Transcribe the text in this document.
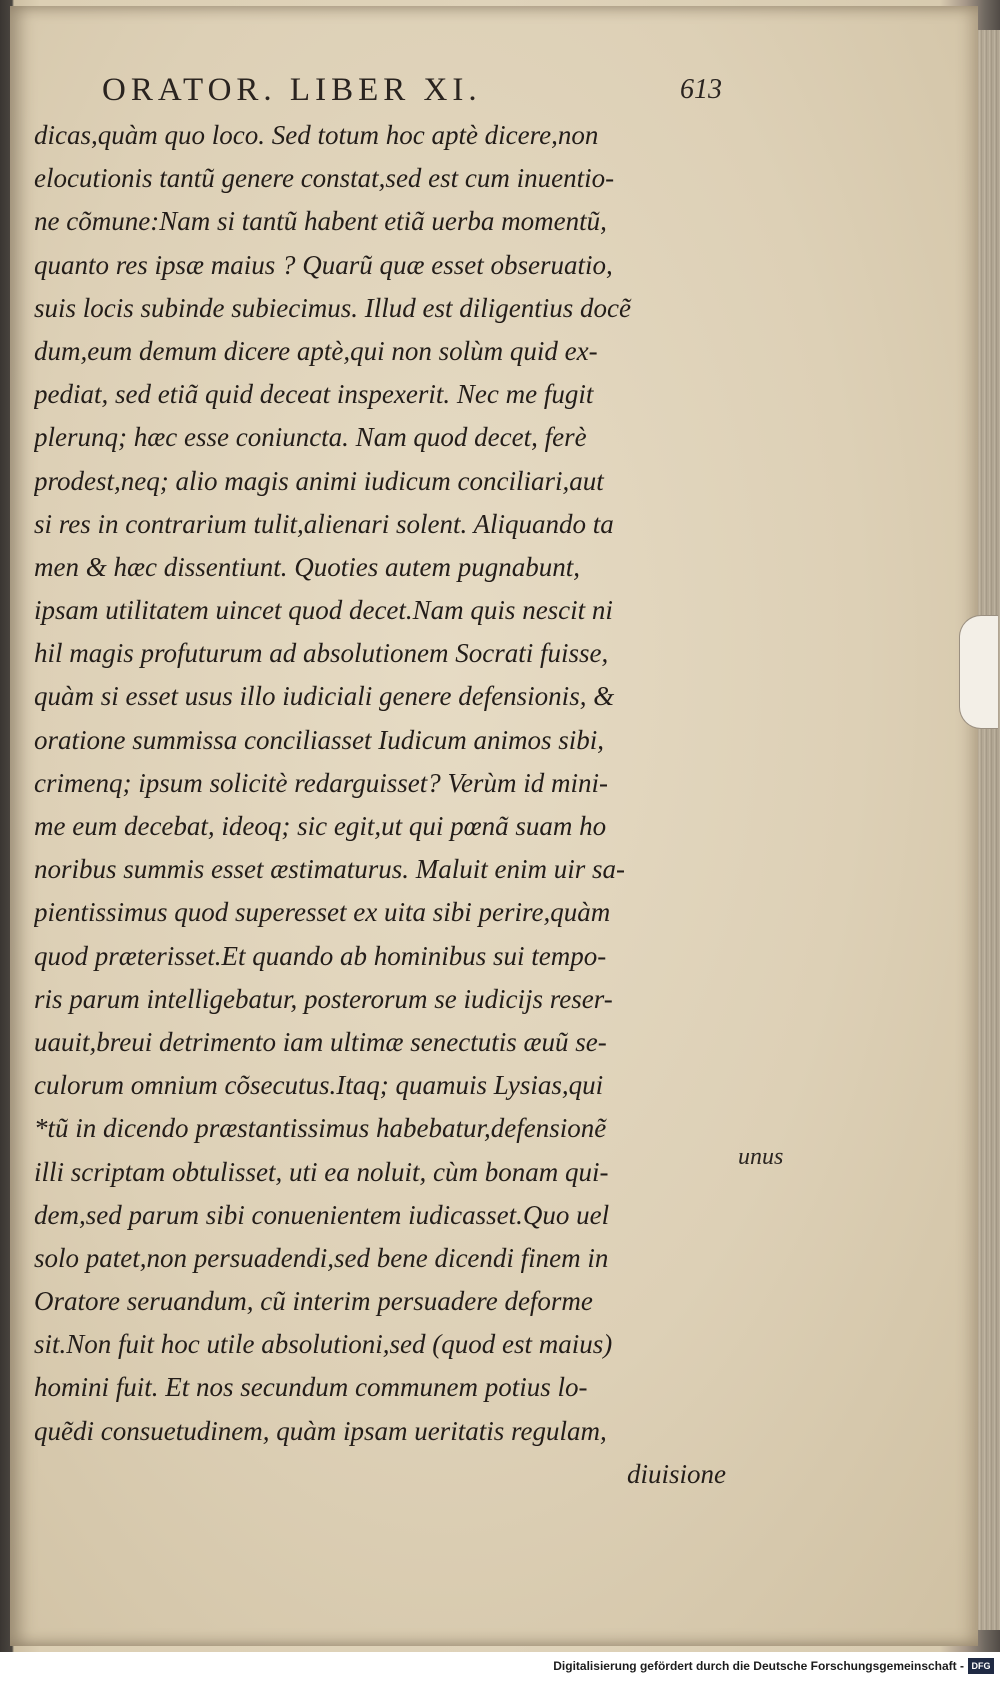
ORATOR. LIBER XI.	613
dicas,quàm quo loco. Sed totum hoc aptè dicere,non
elocutionis tantũ genere constat,sed est cum inuentio-
ne cõmune:Nam si tantũ habent etiã uerba momentũ,
quanto res ipsæ maius ? Quarũ quæ esset obseruatio,
suis locis subinde subiecimus. Illud est diligentius docẽ
dum,eum demum dicere aptè,qui non solùm quid ex-
pediat, sed etiã quid deceat inspexerit. Nec me fugit
plerunq; hæc esse coniuncta. Nam quod decet, ferè
prodest,neq; alio magis animi iudicum conciliari,aut
si res in contrarium tulit,alienari solent. Aliquando ta
men & hæc dissentiunt. Quoties autem pugnabunt,
ipsam utilitatem uincet quod decet.Nam quis nescit ni
hil magis profuturum ad absolutionem Socrati fuisse,
quàm si esset usus illo iudiciali genere defensionis, &
oratione summissa conciliasset Iudicum animos sibi,
crimenq; ipsum solicitè redarguisset? Verùm id mini-
me eum decebat, ideoq; sic egit,ut qui pœnã suam ho
noribus summis esset æstimaturus. Maluit enim uir sa-
pientissimus quod superesset ex uita sibi perire,quàm
quod præterisset.Et quando ab hominibus sui tempo-
ris parum intelligebatur, posterorum se iudicijs reser-
uauit,breui detrimento iam ultimæ senectutis æuũ se-
culorum omnium cõsecutus.Itaq; quamuis Lysias,qui
*tũ in dicendo præstantissimus habebatur,defensionẽ
illi scriptam obtulisset, uti ea noluit, cùm bonam qui-
dem,sed parum sibi conuenientem iudicasset.Quo uel
solo patet,non persuadendi,sed bene dicendi finem in
Oratore seruandum, cũ interim persuadere deforme
sit.Non fuit hoc utile absolutioni,sed (quod est maius)
homini fuit. Et nos secundum communem potius lo-
quẽdi consuetudinem, quàm ipsam ueritatis regulam,
diuisione
unus
Digitalisierung gefördert durch die Deutsche Forschungsgemeinschaft - DFG
